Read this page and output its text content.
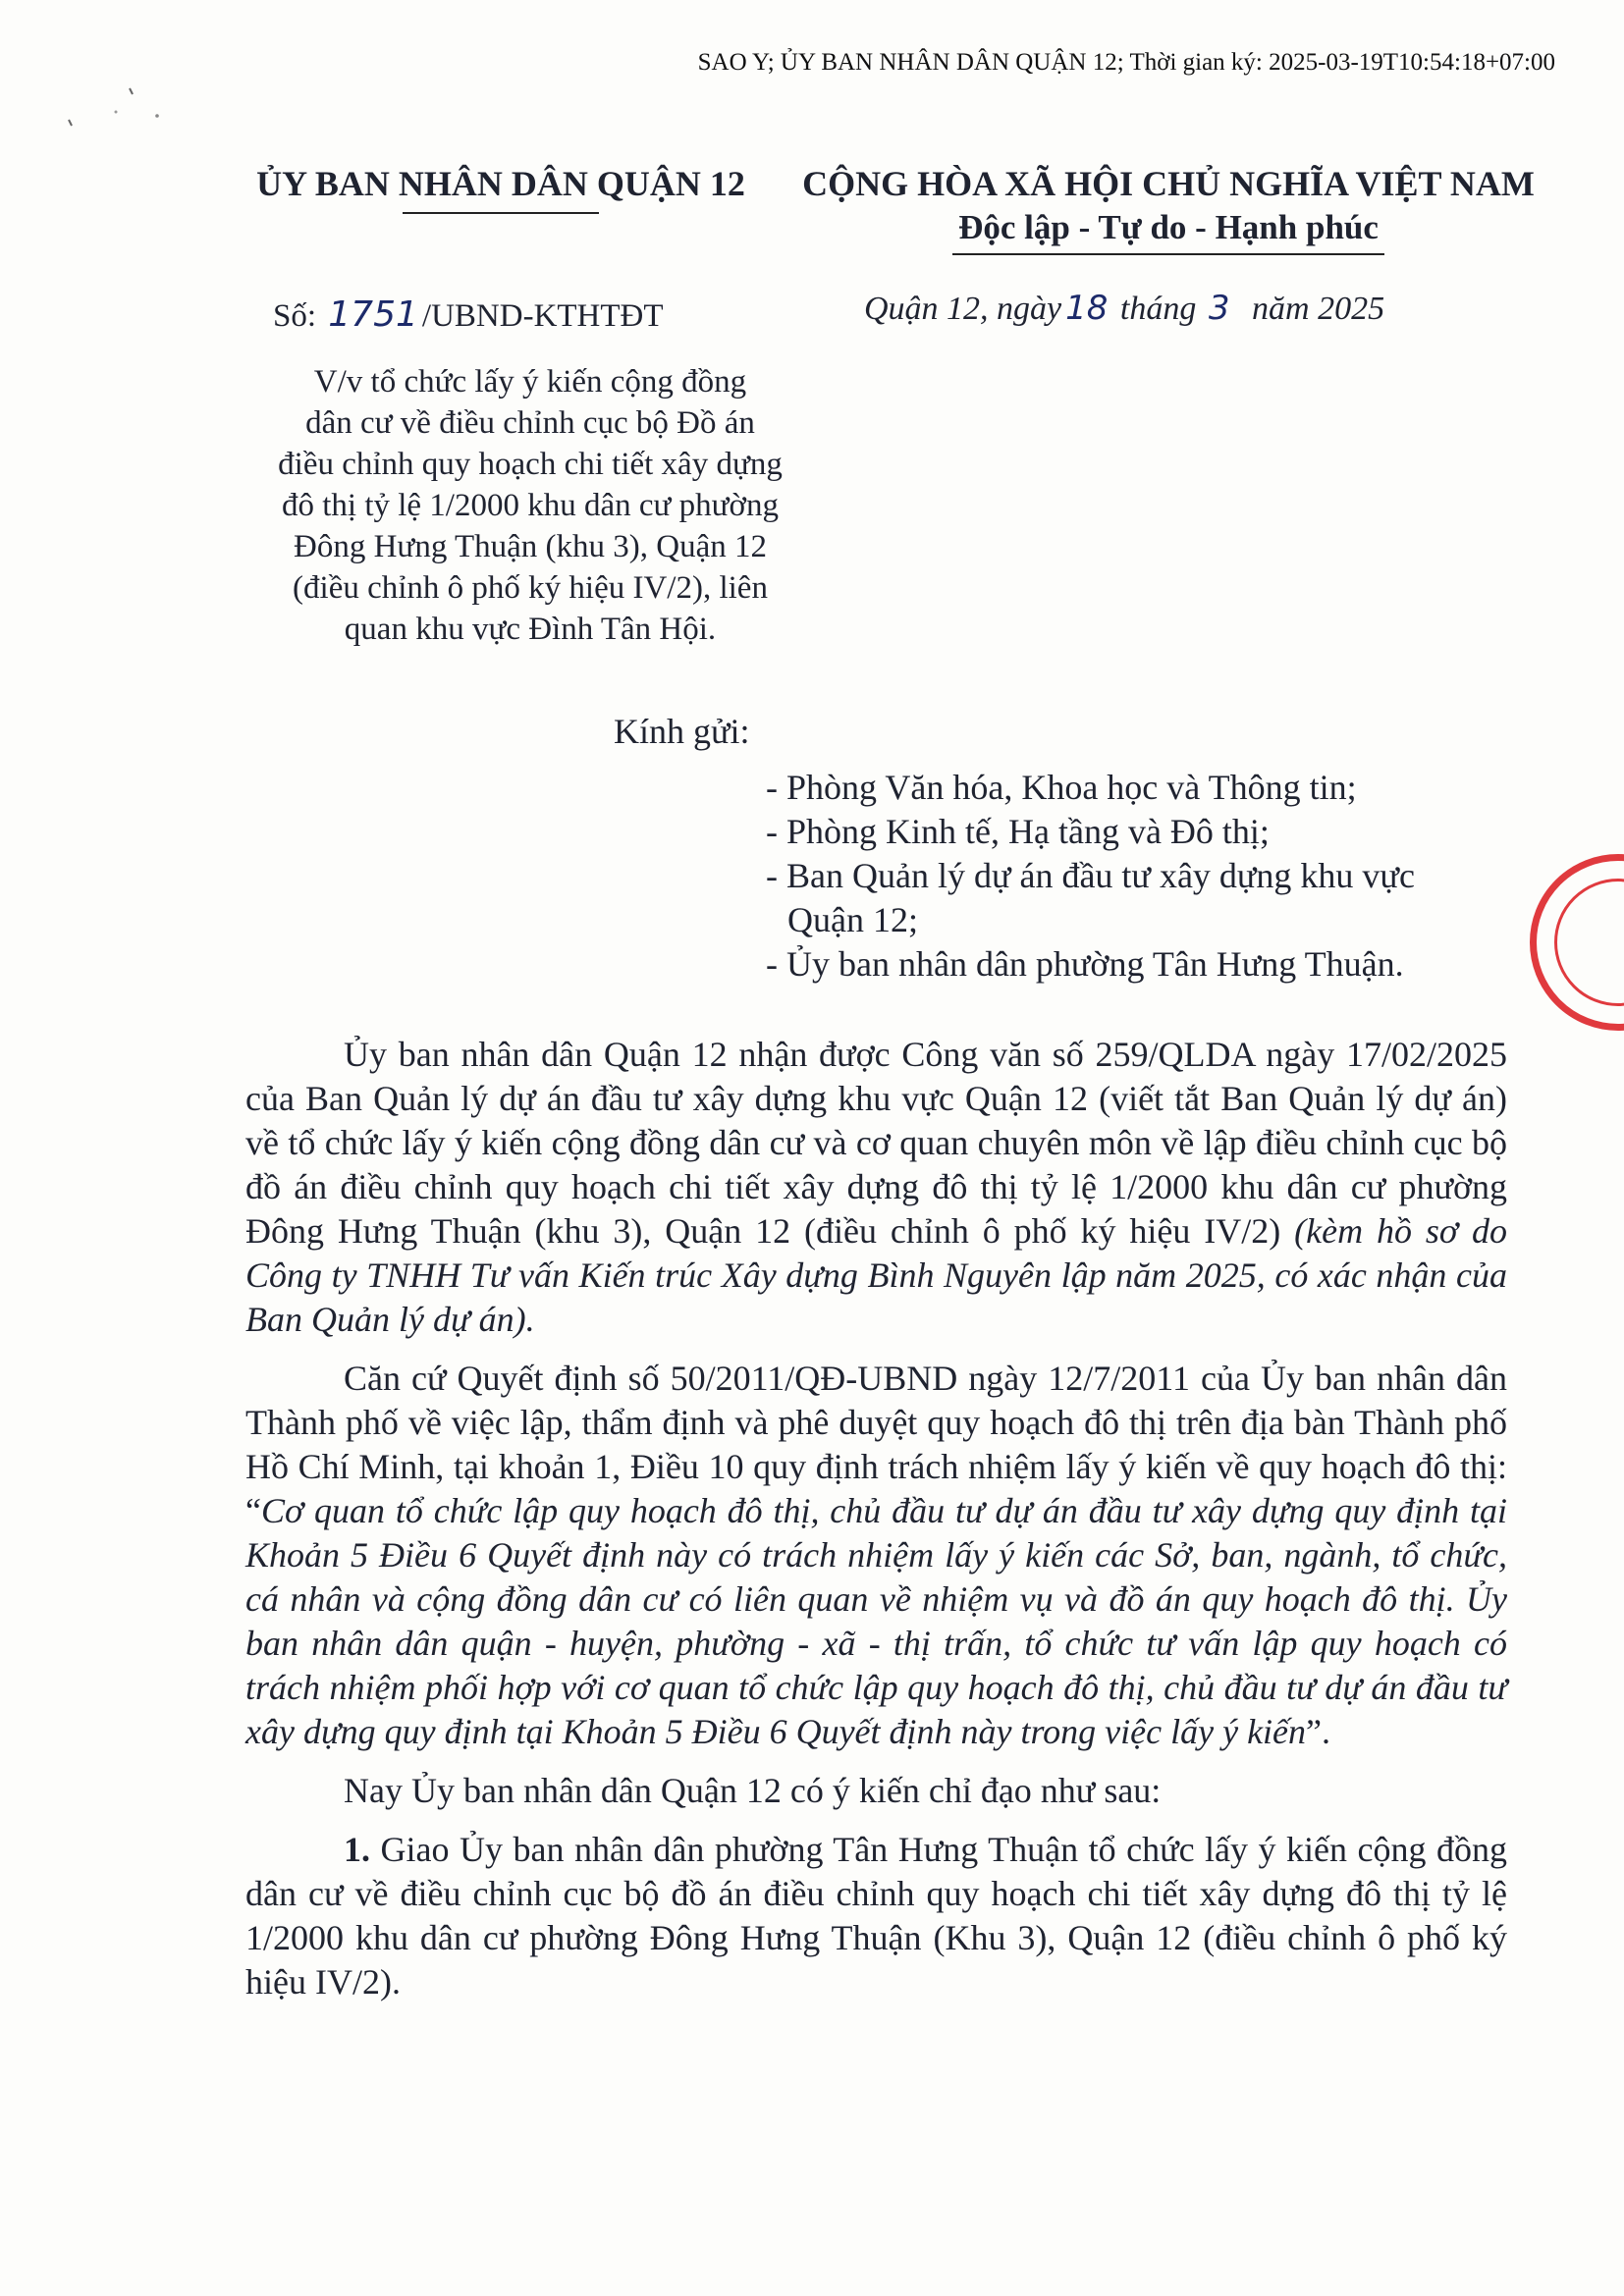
SAO Y; ỦY BAN NHÂN DÂN QUẬN 12; Thời gian ký: 2025-03-19T10:54:18+07:00
ỦY BAN NHÂN DÂN QUẬN 12	CỘNG HÒA XÃ HỘI CHỦ NGHĨA VIỆT NAM
Độc lập - Tự do - Hạnh phúc
Số: 1751 /UBND-KTHTĐT	Quận 12, ngày 18 tháng 3 năm 2025
V/v tổ chức lấy ý kiến cộng đồng
dân cư về điều chỉnh cục bộ Đồ án
điều chỉnh quy hoạch chi tiết xây dựng
đô thị tỷ lệ 1/2000 khu dân cư phường
Đông Hưng Thuận (khu 3), Quận 12
(điều chỉnh ô phố ký hiệu IV/2), liên
quan khu vực Đình Tân Hội.
Kính gửi:
- Phòng Văn hóa, Khoa học và Thông tin;
- Phòng Kinh tế, Hạ tầng và Đô thị;
- Ban Quản lý dự án đầu tư xây dựng khu vực
Quận 12;
- Ủy ban nhân dân phường Tân Hưng Thuận.

Ủy ban nhân dân Quận 12 nhận được Công văn số 259/QLDA ngày 17/02/2025 của Ban Quản lý dự án đầu tư xây dựng khu vực Quận 12 (viết tắt Ban Quản lý dự án) về tổ chức lấy ý kiến cộng đồng dân cư và cơ quan chuyên môn về lập điều chỉnh cục bộ đồ án điều chỉnh quy hoạch chi tiết xây dựng đô thị tỷ lệ 1/2000 khu dân cư phường Đông Hưng Thuận (khu 3), Quận 12 (điều chỉnh ô phố ký hiệu IV/2) (kèm hồ sơ do Công ty TNHH Tư vấn Kiến trúc Xây dựng Bình Nguyên lập năm 2025, có xác nhận của Ban Quản lý dự án).

Căn cứ Quyết định số 50/2011/QĐ-UBND ngày 12/7/2011 của Ủy ban nhân dân Thành phố về việc lập, thẩm định và phê duyệt quy hoạch đô thị trên địa bàn Thành phố Hồ Chí Minh, tại khoản 1, Điều 10 quy định trách nhiệm lấy ý kiến về quy hoạch đô thị: “Cơ quan tổ chức lập quy hoạch đô thị, chủ đầu tư dự án đầu tư xây dựng quy định tại Khoản 5 Điều 6 Quyết định này có trách nhiệm lấy ý kiến các Sở, ban, ngành, tổ chức, cá nhân và cộng đồng dân cư có liên quan về nhiệm vụ và đồ án quy hoạch đô thị. Ủy ban nhân dân quận - huyện, phường - xã - thị trấn, tổ chức tư vấn lập quy hoạch có trách nhiệm phối hợp với cơ quan tổ chức lập quy hoạch đô thị, chủ đầu tư dự án đầu tư xây dựng quy định tại Khoản 5 Điều 6 Quyết định này trong việc lấy ý kiến”.

Nay Ủy ban nhân dân Quận 12 có ý kiến chỉ đạo như sau:

1. Giao Ủy ban nhân dân phường Tân Hưng Thuận tổ chức lấy ý kiến cộng đồng dân cư về điều chỉnh cục bộ đồ án điều chỉnh quy hoạch chi tiết xây dựng đô thị tỷ lệ 1/2000 khu dân cư phường Đông Hưng Thuận (Khu 3), Quận 12 (điều chỉnh ô phố ký hiệu IV/2).
